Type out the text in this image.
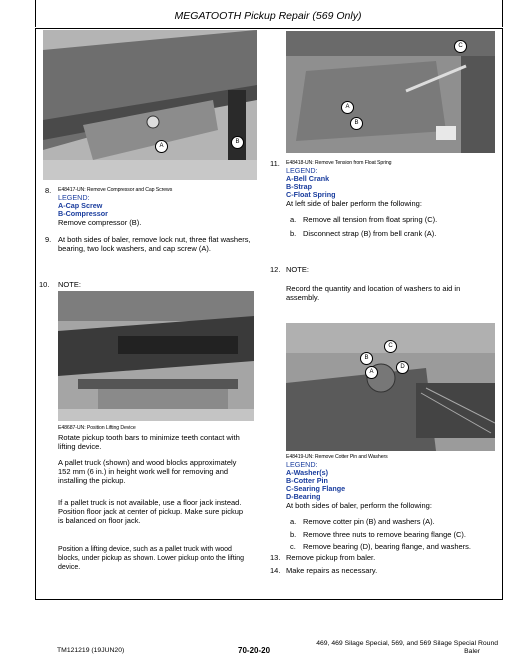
MEGATOOTH Pickup Repair (569 Only)
A
B
8. E48417-UN: Remove Compressor and Cap Screws
LEGEND:
A-Cap Screw
B-Compressor
Remove compressor (B).
9. At both sides of baler, remove lock nut, three flat washers,
bearing, two lock washers, and cap screw (A).
10. NOTE:
E48687-UN: Position Lifting Device
Rotate pickup tooth bars to minimize teeth contact with
lifting device.
A pallet truck (shown) and wood blocks approximately
152 mm (6 in.) in height work well for removing and
installing the pickup.
If a pallet truck is not available, use a floor jack instead.
Position floor jack at center of pickup. Make sure pickup
is balanced on floor jack.
Position a lifting device, such as a pallet truck with wood
blocks, under pickup as shown. Lower pickup onto the lifting
device.
C
A
B
11. E48418-UN: Remove Tension from Float Spring
LEGEND:
A-Bell Crank
B-Strap
C-Float Spring
At left side of baler perform the following:
a. Remove all tension from float spring (C).
b. Disconnect strap (B) from bell crank (A).
12. NOTE:
Record the quantity and location of washers to aid in
assembly.
B
C
A
D
E48419-UN: Remove Cotter Pin and Washers
LEGEND:
A-Washer(s)
B-Cotter Pin
C-Searing Flange
D-Bearing
At both sides of baler, perform the following:
a. Remove cotter pin (B) and washers (A).
b. Remove three nuts to remove bearing flange (C).
c. Remove bearing (D), bearing flange, and washers.
13. Remove pickup from baler.
14. Make repairs as necessary.
TM121219 (19JUN20)	70-20-20
469, 469 Silage Special, 569, and 569 Silage Special Round
Baler
